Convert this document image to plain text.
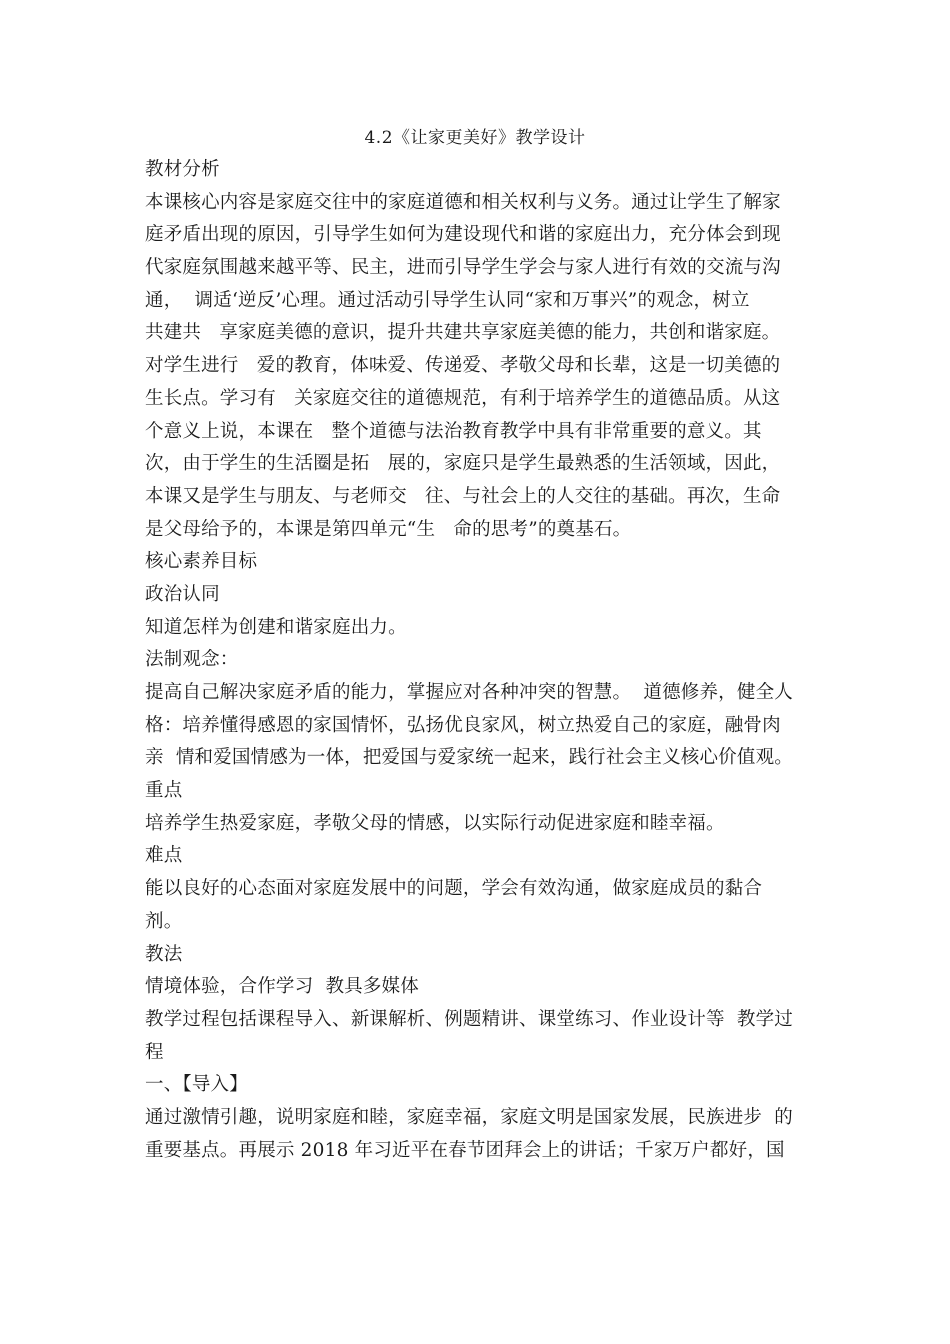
4.2《让家更美好》教学设计
教材分析
本课核心内容是家庭交往中的家庭道德和相关权利与义务。通过让学生了解家
庭矛盾出现的原因，引导学生如何为建设现代和谐的家庭出力，充分体会到现
代家庭氛围越来越平等、民主，进而引导学生学会与家人进行有效的交流与沟
通，  调适‘逆反’心理。通过活动引导学生认同“家和万事兴”的观念，树立
共建共   享家庭美德的意识，提升共建共享家庭美德的能力，共创和谐家庭。
对学生进行   爱的教育，体味爱、传递爱、孝敬父母和长辈，这是一切美德的
生长点。学习有   关家庭交往的道德规范，有利于培养学生的道德品质。从这
个意义上说，本课在   整个道德与法治教育教学中具有非常重要的意义。其
次，由于学生的生活圈是拓   展的，家庭只是学生最熟悉的生活领域，因此，
本课又是学生与朋友、与老师交   往、与社会上的人交往的基础。再次，生命
是父母给予的，本课是第四单元“生   命的思考”的奠基石。
核心素养目标
政治认同
知道怎样为创建和谐家庭出力。
法制观念：
提高自己解决家庭矛盾的能力，掌握应对各种冲突的智慧。  道德修养，健全人
格：培养懂得感恩的家国情怀，弘扬优良家风，树立热爱自己的家庭，融骨肉
亲  情和爱国情感为一体，把爱国与爱家统一起来，践行社会主义核心价值观。
重点
培养学生热爱家庭，孝敬父母的情感，以实际行动促进家庭和睦幸福。
难点
能以良好的心态面对家庭发展中的问题，学会有效沟通，做家庭成员的黏合
剂。
教法
情境体验，合作学习  教具多媒体
教学过程包括课程导入、新课解析、例题精讲、课堂练习、作业设计等  教学过
程
一、【导入】
通过激情引趣，说明家庭和睦，家庭幸福，家庭文明是国家发展，民族进步  的
重要基点。再展示 2018 年习近平在春节团拜会上的讲话；千家万户都好，国
